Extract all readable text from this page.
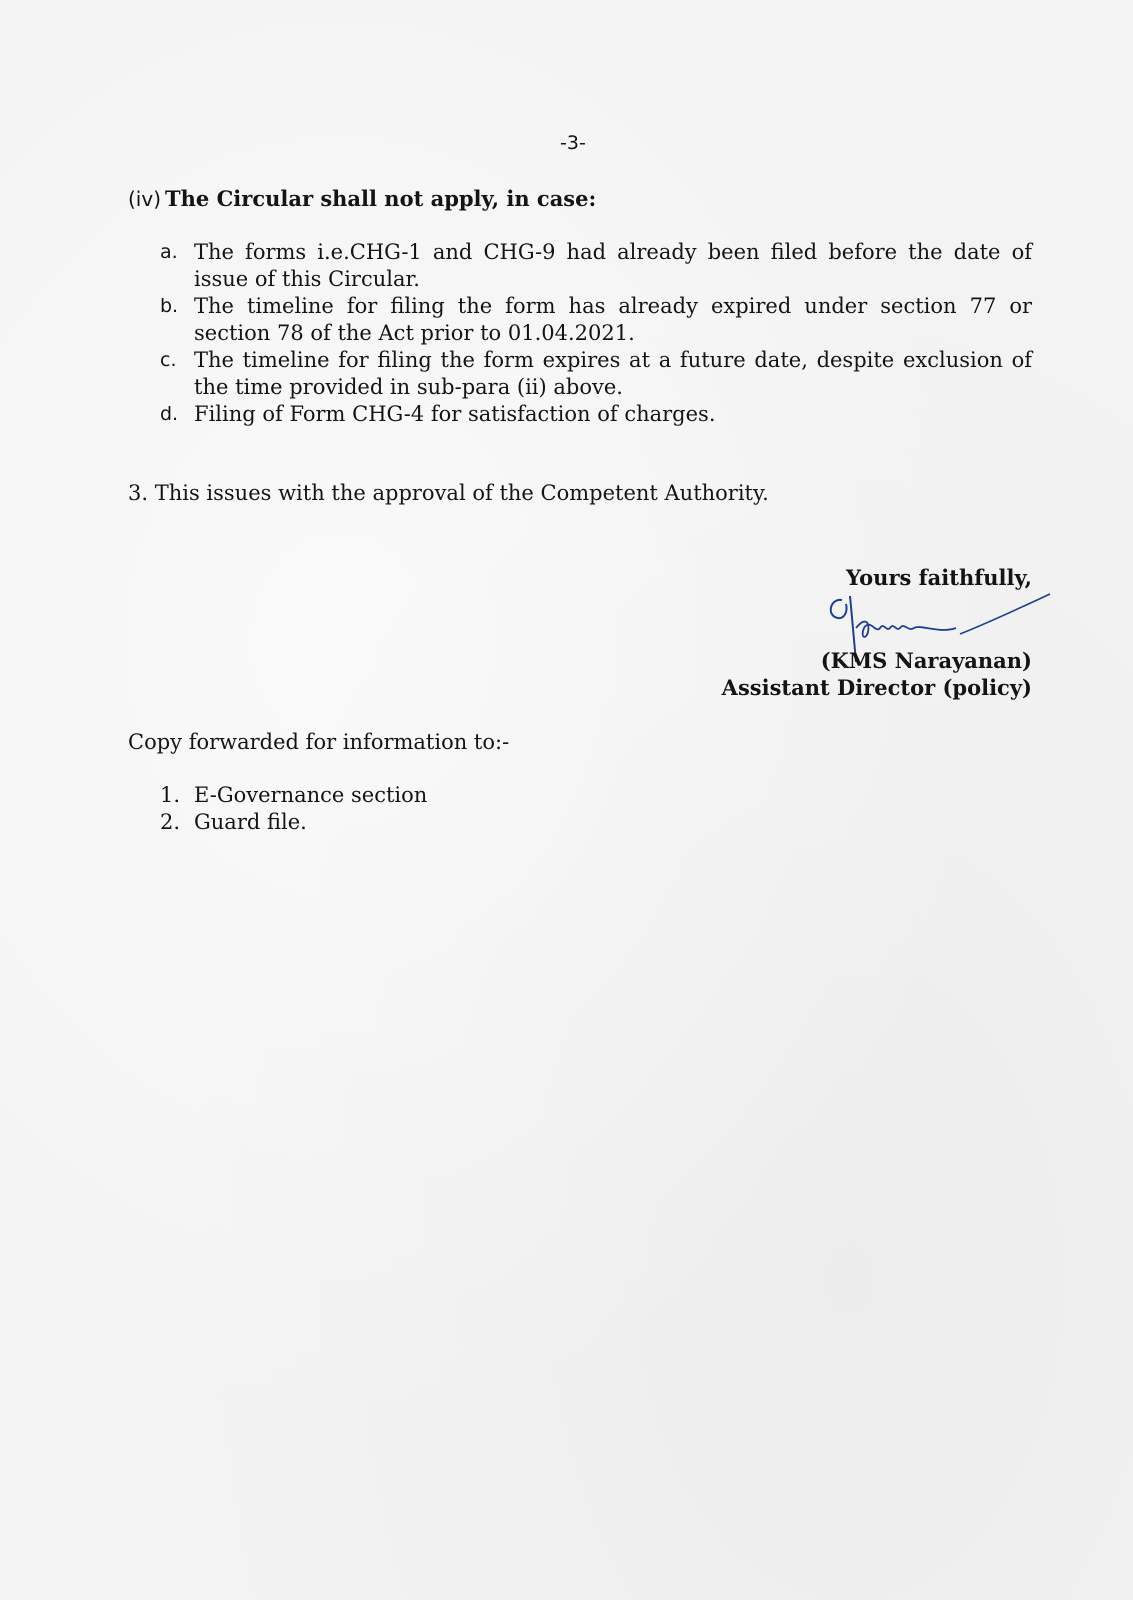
-3-
(iv) The Circular shall not apply, in case:
a. The forms i.e.CHG-1 and CHG-9 had already been filed before the date of issue of this Circular.
b. The timeline for filing the form has already expired under section 77 or section 78 of the Act prior to 01.04.2021.
c. The timeline for filing the form expires at a future date, despite exclusion of the time provided in sub-para (ii) above.
d. Filing of Form CHG-4 for satisfaction of charges.

3. This issues with the approval of the Competent Authority.

Yours faithfully,

(KMS Narayanan)

Assistant Director (policy)

Copy forwarded for information to:-

1. E-Governance section
2. Guard file.
